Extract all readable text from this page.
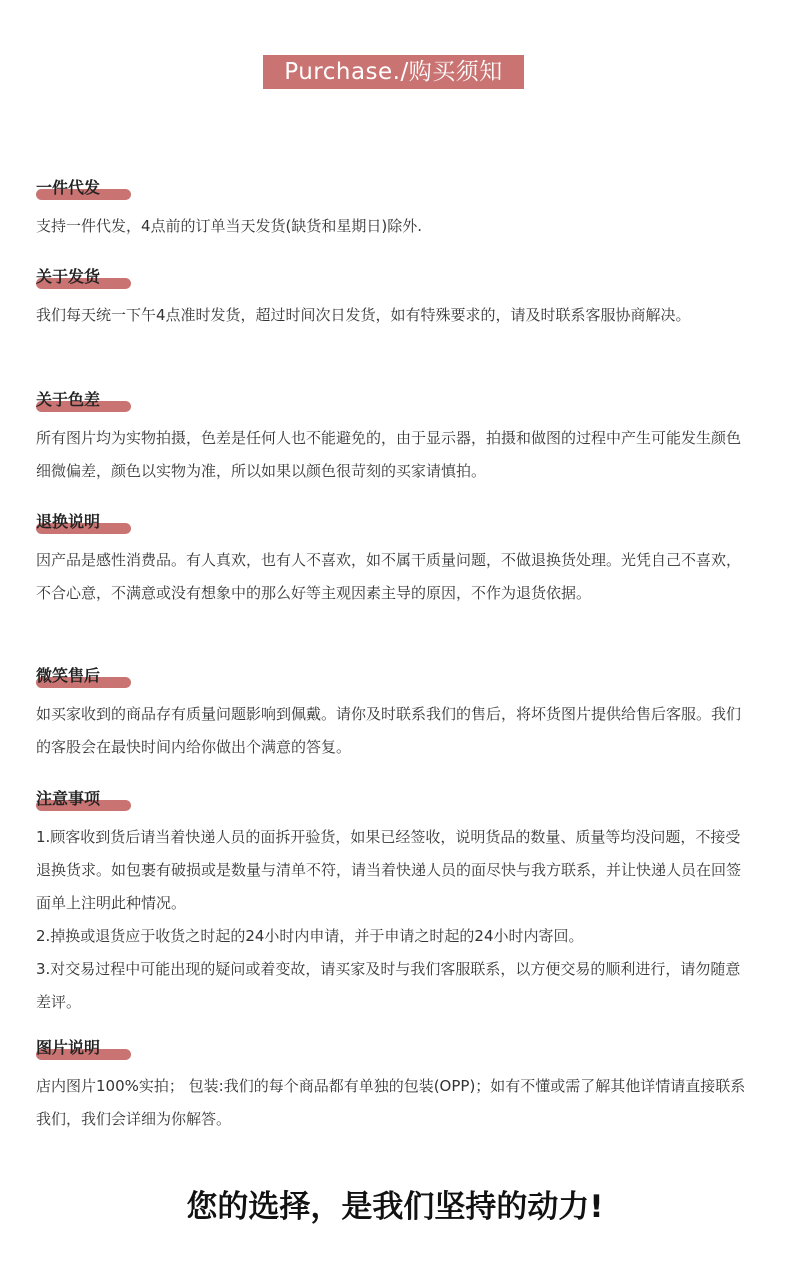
Purchase./购买须知
一件代发

支持一件代发，4点前的订单当天发货(缺货和星期日)除外.

关于发货

我们每天统一下午4点准时发货，超过时间次日发货，如有特殊要求的，请及时联系客服协商解决。

关于色差

所有图片均为实物拍摄，色差是任何人也不能避免的，由于显示器，拍摄和做图的过程中产生可能发生颜色细微偏差，颜色以实物为准，所以如果以颜色很苛刻的买家请慎拍。

退换说明

因产品是感性消费品。有人真欢，也有人不喜欢，如不属干质量问题，不做退换货处理。光凭自己不喜欢，不合心意，不满意或没有想象中的那么好等主观因素主导的原因，不作为退货依据。

微笑售后

如买家收到的商品存有质量问题影响到佩戴。请你及时联系我们的售后，将坏货图片提供给售后客服。我们的客股会在最快时间内给你做出个满意的答复。

注意事项

1.顾客收到货后请当着快递人员的面拆开验货，如果已经签收，说明货品的数量、质量等均没问题，不接受退换货求。如包裹有破损或是数量与清单不符，请当着快递人员的面尽快与我方联系，并让快递人员在回签面单上注明此种情况。

2.掉换或退货应于收货之时起的24小时内申请，并于申请之时起的24小时内寄回。

3.对交易过程中可能出现的疑问或着变故，请买家及时与我们客服联系，以方便交易的顺利进行，请勿随意差评。

图片说明

店内图片100%实拍； 包装:我们的每个商品都有单独的包装(OPP)；如有不懂或需了解其他详情请直接联系我们，我们会详细为你解答。

您的选择，是我们坚持的动力!
